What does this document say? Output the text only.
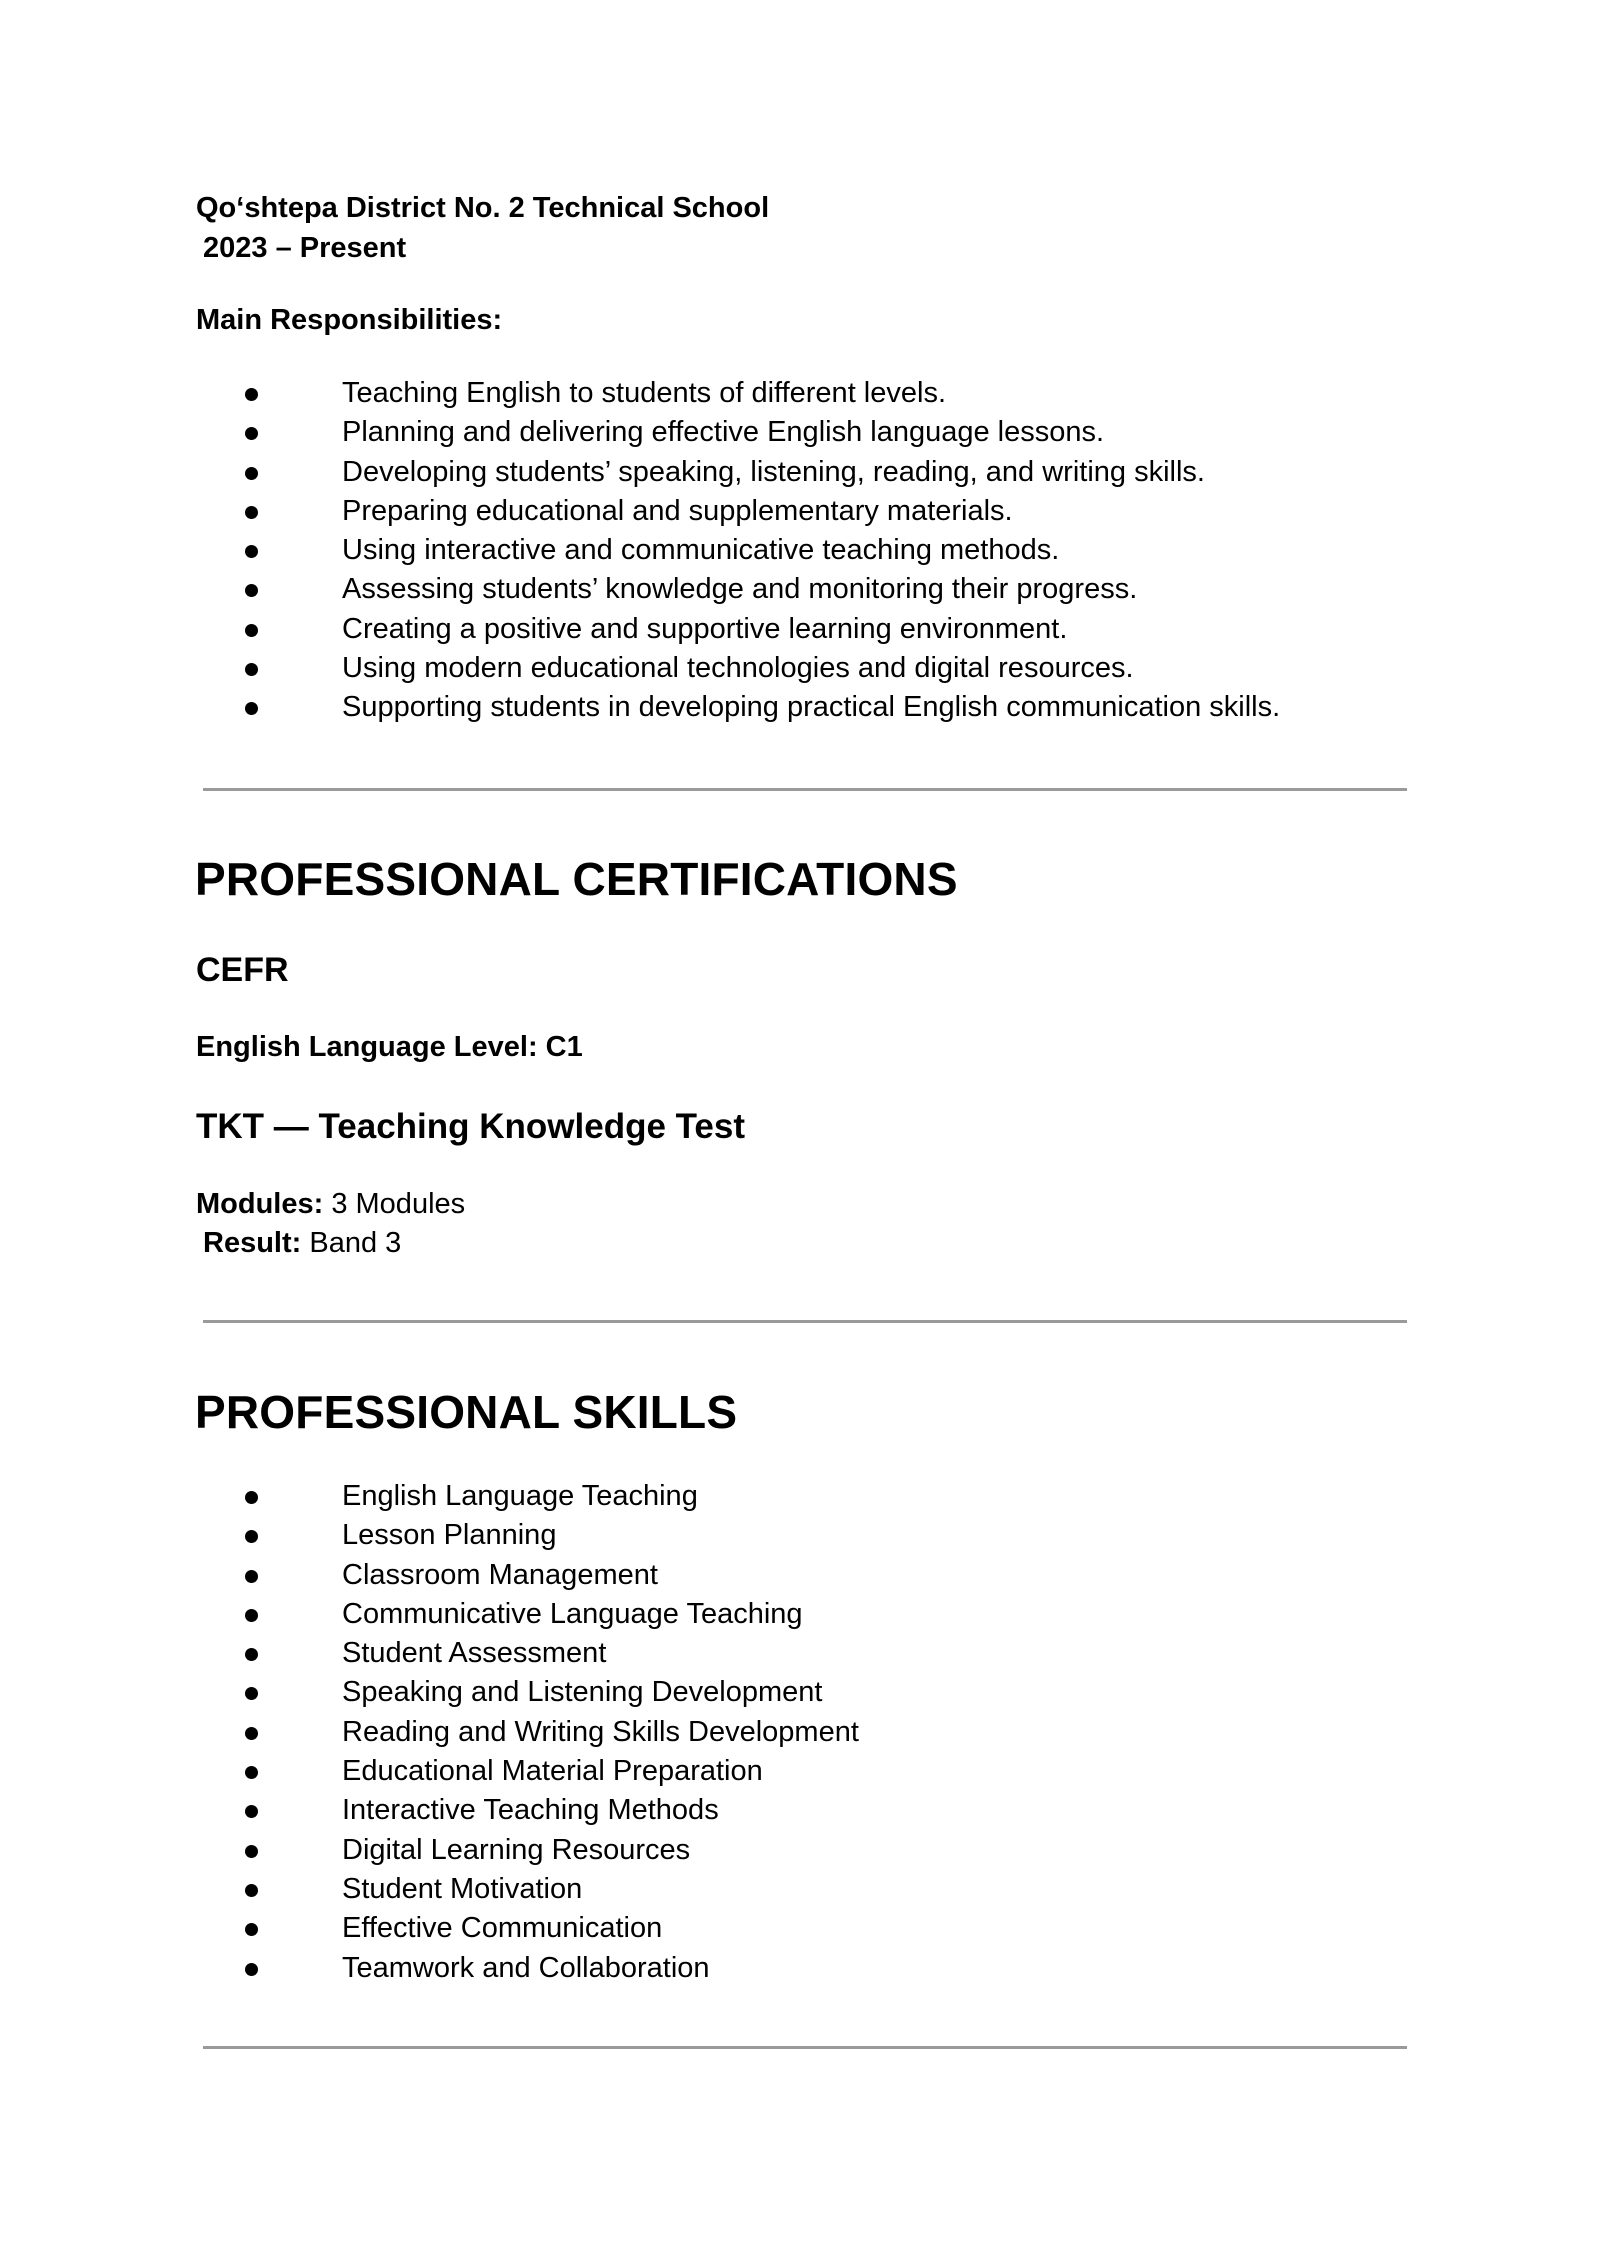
Qo‘shtepa District No. 2 Technical School
2023 – Present
Main Responsibilities:
Teaching English to students of different levels.
Planning and delivering effective English language lessons.
Developing students’ speaking, listening, reading, and writing skills.
Preparing educational and supplementary materials.
Using interactive and communicative teaching methods.
Assessing students’ knowledge and monitoring their progress.
Creating a positive and supportive learning environment.
Using modern educational technologies and digital resources.
Supporting students in developing practical English communication skills.
PROFESSIONAL CERTIFICATIONS
CEFR
English Language Level: C1
TKT — Teaching Knowledge Test
Modules: 3 Modules
Result: Band 3
PROFESSIONAL SKILLS
English Language Teaching
Lesson Planning
Classroom Management
Communicative Language Teaching
Student Assessment
Speaking and Listening Development
Reading and Writing Skills Development
Educational Material Preparation
Interactive Teaching Methods
Digital Learning Resources
Student Motivation
Effective Communication
Teamwork and Collaboration
